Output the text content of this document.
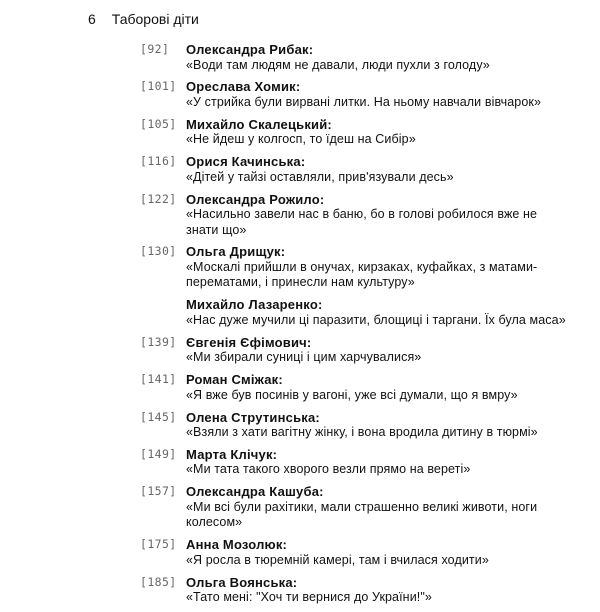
6 Таборові діти
[92]	Олександра Рибак:
«Води там людям не давали, люди пухли з голоду»
[101] Орeслава Хомик:
«У стрийка були вирвані литки. На ньому навчали вівчарок»
[105] Михайло Скалецький:
«Не йдеш у колгосп, то їдеш на Сибір»
[116] Орися Качинська:
«Дітей у тайзі оставляли, прив'язували десь»
[122] Олександра Рожило:
«Насильно завели нас в баню, бо в голові робилося вже не знати що»
[130] Ольга Дрищук:
«Москалі прийшли в онучах, кирзаках, куфайках, з матами-перематами, і принесли нам культуру»
Михайло Лазаренко:
«Нас дуже мучили ці паразити, блощиці і таргани. Їх була маса»
[139] Євгенія Єфімович:
«Ми збирали суниці і цим харчувалися»
[141] Роман Сміжак:
«Я вже був посинів у вагоні, уже всі думали, що я вмру»
[145] Олена Струтинська:
«Взяли з хати вагітну жінку, і вона вродила дитину в тюрмі»
[149] Марта Клічук:
«Ми тата такого хворого везли прямо на вереті»
[157] Олександра Кашуба:
«Ми всі були рахітики, мали страшенно великі животи, ноги колесом»
[175] Анна Мозолюк:
«Я росла в тюремній камері, там і вчилася ходити»
[185] Ольга Воянська:
«Тато мені: "Хоч ти вернися до України!"»
